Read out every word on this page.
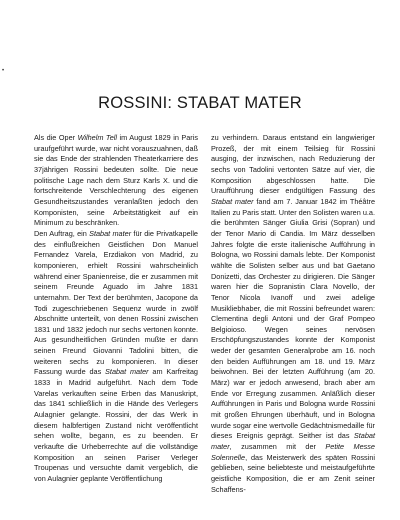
•
ROSSINI: STABAT MATER

Als die Oper Wilhelm Tell im August 1829 in Paris uraufgeführt wurde, war nicht vorauszuahnen, daß sie das Ende der strahlenden Theaterkarriere des 37jährigen Rossini bedeuten sollte. Die neue politische Lage nach dem Sturz Karls X. und die fortschreitende Verschlechterung des eigenen Gesundheitszustandes veranlaßten jedoch den Komponisten, seine Arbeitstätigkeit auf ein Minimum zu beschränken.

Den Auftrag, ein Stabat mater für die Privatkapelle des einflußreichen Geistlichen Don Manuel Fernandez Varela, Erzdiakon von Madrid, zu komponieren, erhielt Rossini wahrscheinlich während einer Spanienreise, die er zusammen mit seinem Freunde Aguado im Jahre 1831 unternahm. Der Text der berühmten, Jacopone da Todi zugeschriebenen Sequenz wurde in zwölf Abschnitte unterteilt, von denen Rossini zwischen 1831 und 1832 jedoch nur sechs vertonen konnte. Aus gesundheitlichen Gründen mußte er dann seinen Freund Giovanni Tadolini bitten, die weiteren sechs zu komponieren. In dieser Fassung wurde das Stabat mater am Karfreitag 1833 in Madrid aufgeführt. Nach dem Tode Varelas verkauften seine Erben das Manuskript, das 1841 schließlich in die Hände des Verlegers Aulagnier gelangte. Rossini, der das Werk in diesem halbfertigen Zustand nicht veröffentlicht sehen wollte, begann, es zu beenden. Er verkaufte die Urheberrechte auf die vollständige Komposition an seinen Pariser Verleger Troupenas und versuchte damit vergeblich, die von Aulagnier geplante Veröffentlichung

zu verhindern. Daraus entstand ein langwieriger Prozeß, der mit einem Teilsieg für Rossini ausging, der inzwischen, nach Reduzierung der sechs von Tadolini vertonten Sätze auf vier, die Komposition abgeschlossen hatte. Die Uraufführung dieser endgültigen Fassung des Stabat mater fand am 7. Januar 1842 im Théâtre Italien zu Paris statt. Unter den Solisten waren u.a. die berühmten Sänger Giulia Grisi (Sopran) und der Tenor Mario di Candia. Im März desselben Jahres folgte die erste italienische Aufführung in Bologna, wo Rossini damals lebte. Der Komponist wählte die Solisten selber aus und bat Gaetano Donizetti, das Orchester zu dirigieren. Die Sänger waren hier die Sopranistin Clara Novello, der Tenor Nicola Ivanoff und zwei adelige Musikliebhaber, die mit Rossini befreundet waren: Clementina degli Antoni und der Graf Pompeo Belgioioso. Wegen seines nervösen Erschöpfungszustandes konnte der Komponist weder der gesamten Generalprobe am 16. noch den beiden Aufführungen am 18. und 19. März beiwohnen. Bei der letzten Aufführung (am 20. März) war er jedoch anwesend, brach aber am Ende vor Erregung zusammen. Anläßlich dieser Aufführungen in Paris und Bologna wurde Rossini mit großen Ehrungen überhäuft, und in Bologna wurde sogar eine wertvolle Gedächtnismedaille für dieses Ereignis geprägt. Seither ist das Stabat mater, zusammen mit der Petite Messe Solennelle, das Meisterwerk des späten Rossini geblieben, seine beliebteste und meistaufgeführte geistliche Komposition, die er am Zenit seiner Schaffens-
